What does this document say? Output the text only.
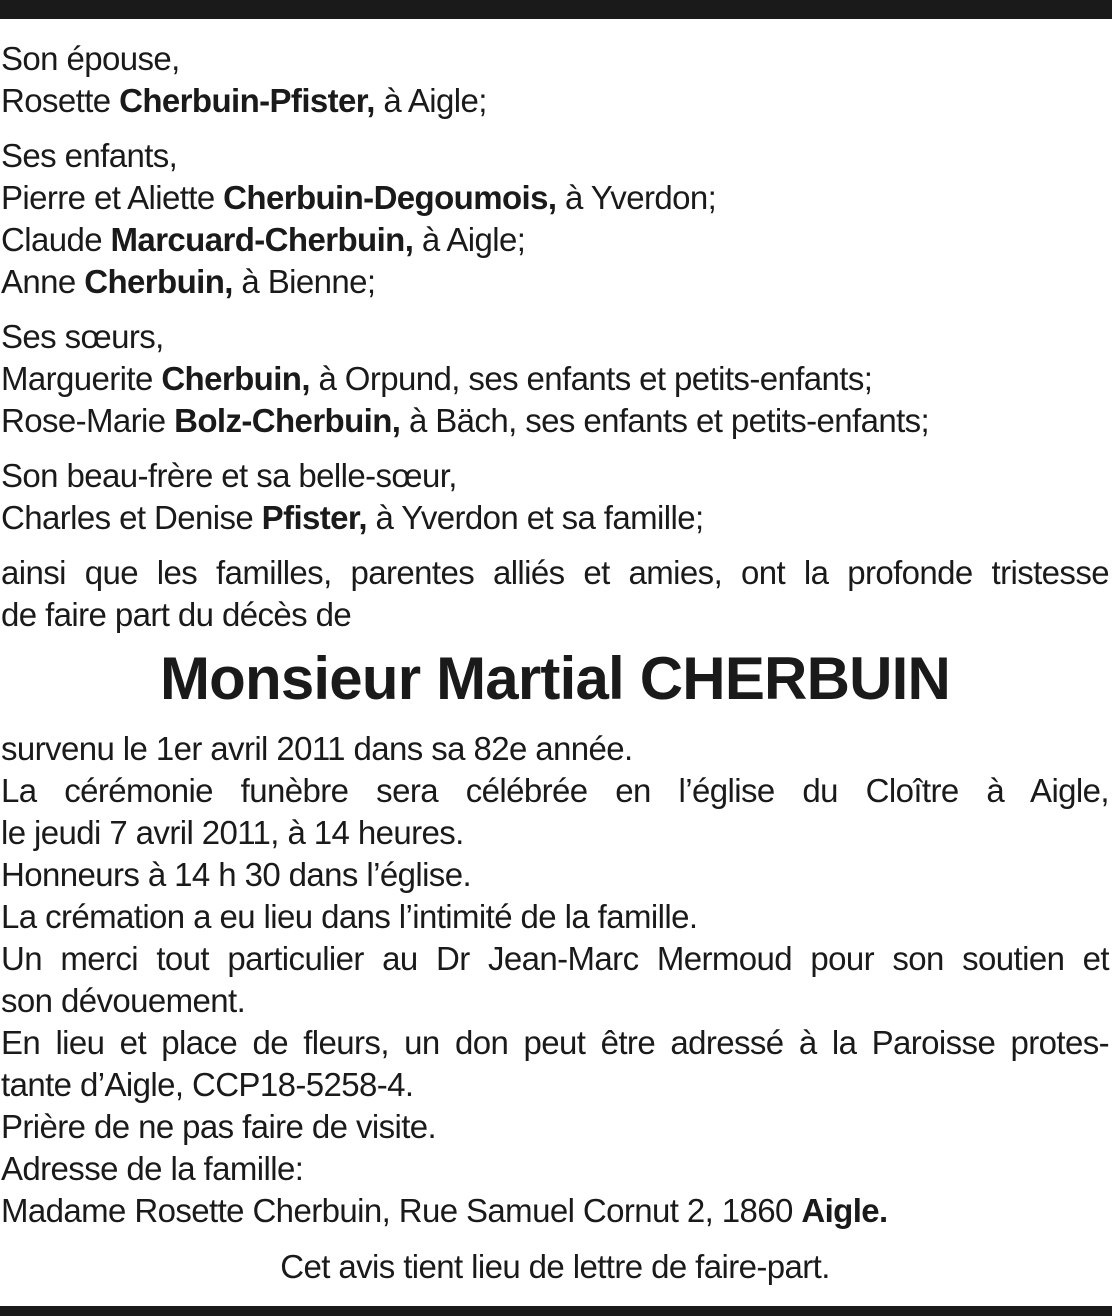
Son épouse,
Rosette Cherbuin-Pfister, à Aigle;
Ses enfants,
Pierre et Aliette Cherbuin-Degoumois, à Yverdon;
Claude Marcuard-Cherbuin, à Aigle;
Anne Cherbuin, à Bienne;
Ses sœurs,
Marguerite Cherbuin, à Orpund, ses enfants et petits-enfants;
Rose-Marie Bolz-Cherbuin, à Bäch, ses enfants et petits-enfants;
Son beau-frère et sa belle-sœur,
Charles et Denise Pfister, à Yverdon et sa famille;
ainsi que les familles, parentes alliés et amies, ont la profonde tristesse
de faire part du décès de
Monsieur Martial CHERBUIN
survenu le 1er avril 2011 dans sa 82e année.
La cérémonie funèbre sera célébrée en l’église du Cloître à Aigle,
le jeudi 7 avril 2011, à 14 heures.
Honneurs à 14 h 30 dans l’église.
La crémation a eu lieu dans l’intimité de la famille.
Un merci tout particulier au Dr Jean-Marc Mermoud pour son soutien et
son dévouement.
En lieu et place de fleurs, un don peut être adressé à la Paroisse protes-
tante d’Aigle, CCP18-5258-4.
Prière de ne pas faire de visite.
Adresse de la famille:
Madame Rosette Cherbuin, Rue Samuel Cornut 2, 1860 Aigle.
Cet avis tient lieu de lettre de faire-part.
